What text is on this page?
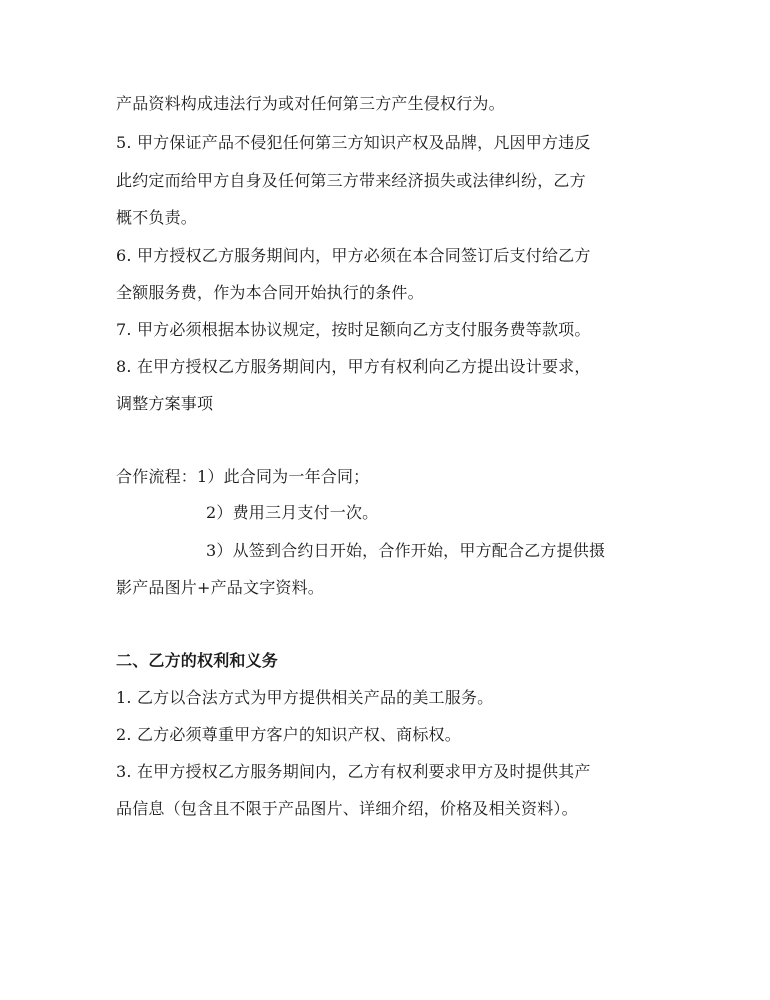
产品资料构成违法行为或对任何第三方产生侵权行为。
5. 甲方保证产品不侵犯任何第三方知识产权及品牌，凡因甲方违反
此约定而给甲方自身及任何第三方带来经济损失或法律纠纷，乙方
概不负责。
6. 甲方授权乙方服务期间内，甲方必须在本合同签订后支付给乙方
全额服务费，作为本合同开始执行的条件。
7. 甲方必须根据本协议规定，按时足额向乙方支付服务费等款项。
8. 在甲方授权乙方服务期间内，甲方有权利向乙方提出设计要求，
调整方案事项
合作流程：1）此合同为一年合同；
2）费用三月支付一次。
3）从签到合约日开始，合作开始，甲方配合乙方提供摄
影产品图片+产品文字资料。
二、乙方的权利和义务
1. 乙方以合法方式为甲方提供相关产品的美工服务。
2. 乙方必须尊重甲方客户的知识产权、商标权。
3. 在甲方授权乙方服务期间内，乙方有权利要求甲方及时提供其产
品信息（包含且不限于产品图片、详细介绍，价格及相关资料）。
